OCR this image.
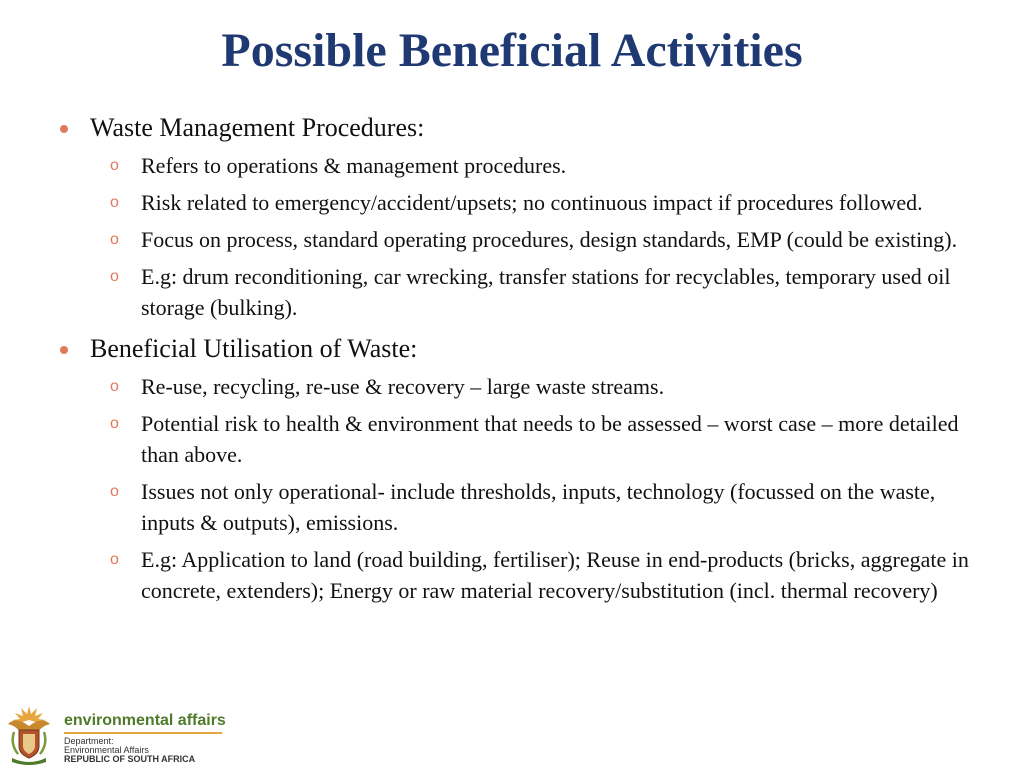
Possible Beneficial Activities
Waste Management Procedures:
o Refers to operations & management procedures.
o Risk related to emergency/accident/upsets; no continuous impact if procedures followed.
o Focus on process, standard operating procedures, design standards, EMP (could be existing).
o E.g: drum reconditioning, car wrecking, transfer stations for recyclables, temporary used oil storage (bulking).
Beneficial Utilisation of Waste:
o Re-use, recycling, re-use & recovery – large waste streams.
o Potential risk to health & environment that needs to be assessed – worst case – more detailed than above.
o Issues not only operational- include thresholds, inputs, technology (focussed on the waste, inputs & outputs), emissions.
o E.g: Application to land (road building, fertiliser); Reuse in end-products (bricks, aggregate in concrete, extenders); Energy or raw material recovery/substitution (incl. thermal recovery)
environmental affairs
Department:
Environmental Affairs
REPUBLIC OF SOUTH AFRICA
